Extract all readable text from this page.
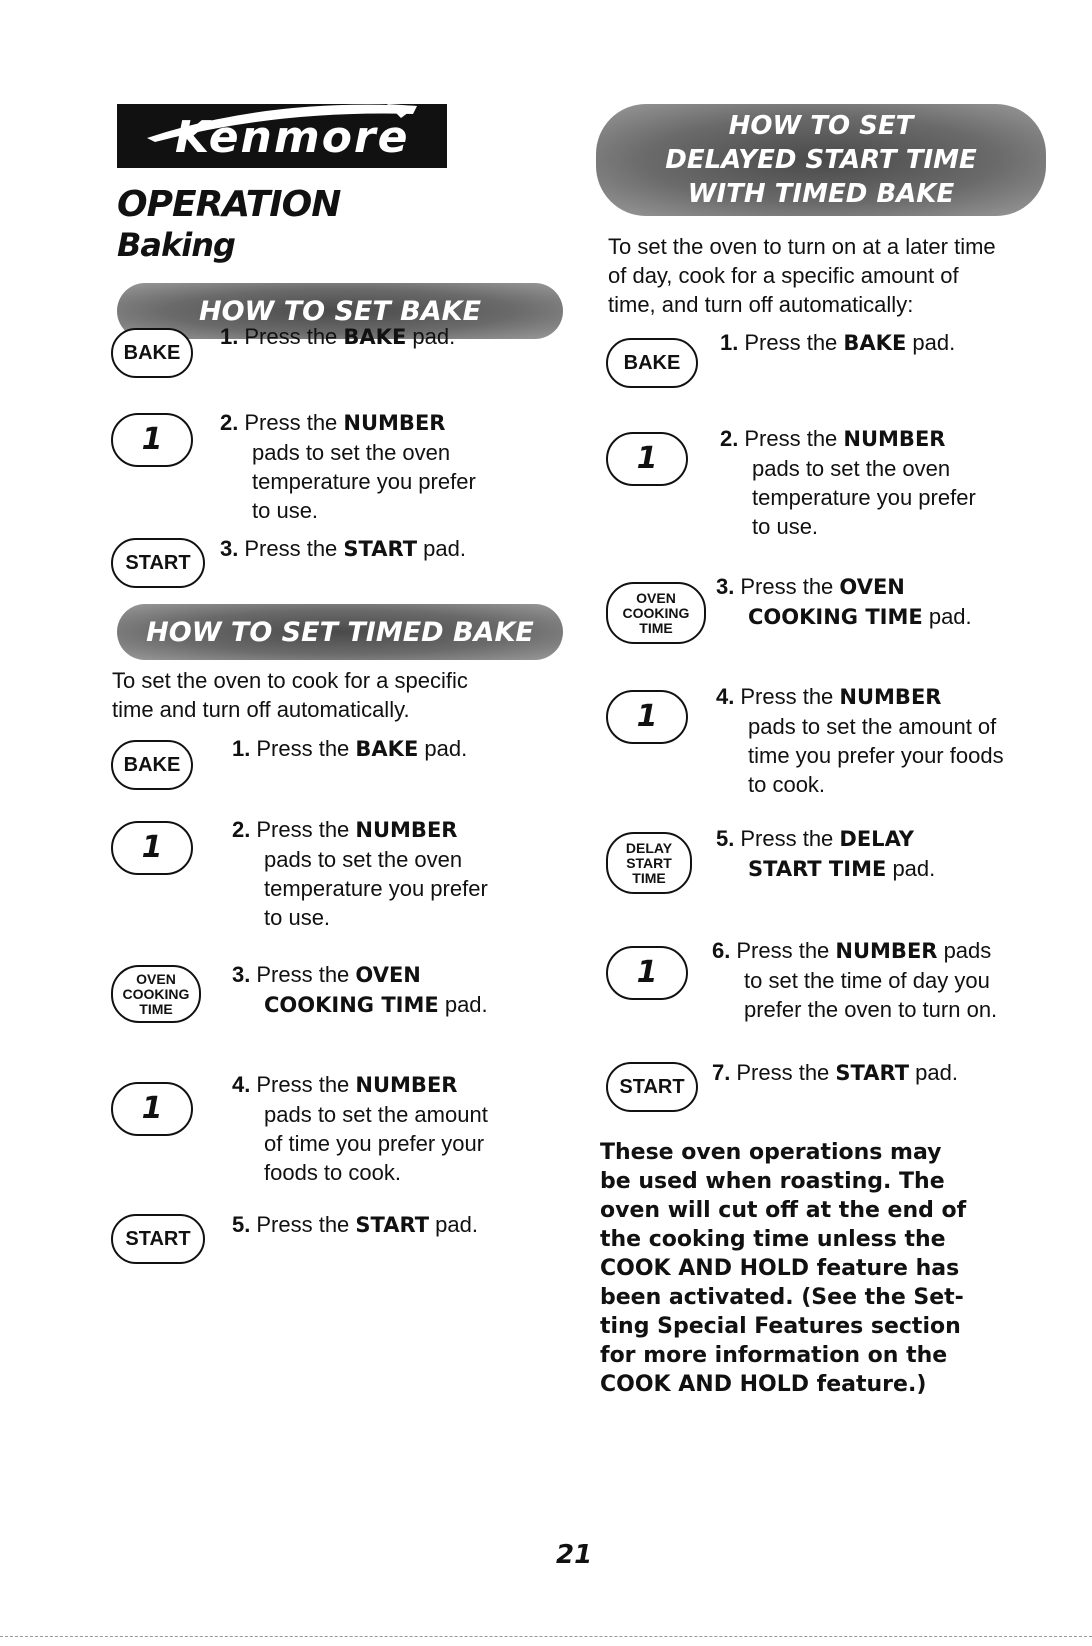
Kenmore
OPERATION
Baking
HOW TO SET BAKE
BAKE
1. Press the BAKE pad.
1	2. Press the NUMBER
pads to set the oven
temperature you prefer
to use.
START
3. Press the START pad.
HOW TO SET TIMED BAKE
To set the oven to cook for a specific
time and turn off automatically.
BAKE
1. Press the BAKE pad.
1
2. Press the NUMBER
pads to set the oven
temperature you prefer
to use.
OVEN
COOKING
TIME
3. Press the OVEN
COOKING TIME pad.
1
4. Press the NUMBER
pads to set the amount
of time you prefer your
foods to cook.
START
5. Press the START pad.
HOW TO SET
DELAYED START TIME
WITH TIMED BAKE
To set the oven to turn on at a later time
of day, cook for a specific amount of
time, and turn off automatically:
BAKE
1. Press the BAKE pad.
1
2. Press the NUMBER
pads to set the oven
temperature you prefer
to use.
OVEN
COOKING
TIME
3. Press the OVEN
COOKING TIME pad.
1
4. Press the NUMBER
pads to set the amount of
time you prefer your foods
to cook.
DELAY
START
TIME
5. Press the DELAY
START TIME pad.
1
6. Press the NUMBER pads
to set the time of day you
prefer the oven to turn on.
START
7. Press the START pad.
These oven operations may
be used when roasting. The
oven will cut off at the end of
the cooking time unless the
COOK AND HOLD feature has
been activated. (See the Set-
ting Special Features section
for more information on the
COOK AND HOLD feature.)
21
